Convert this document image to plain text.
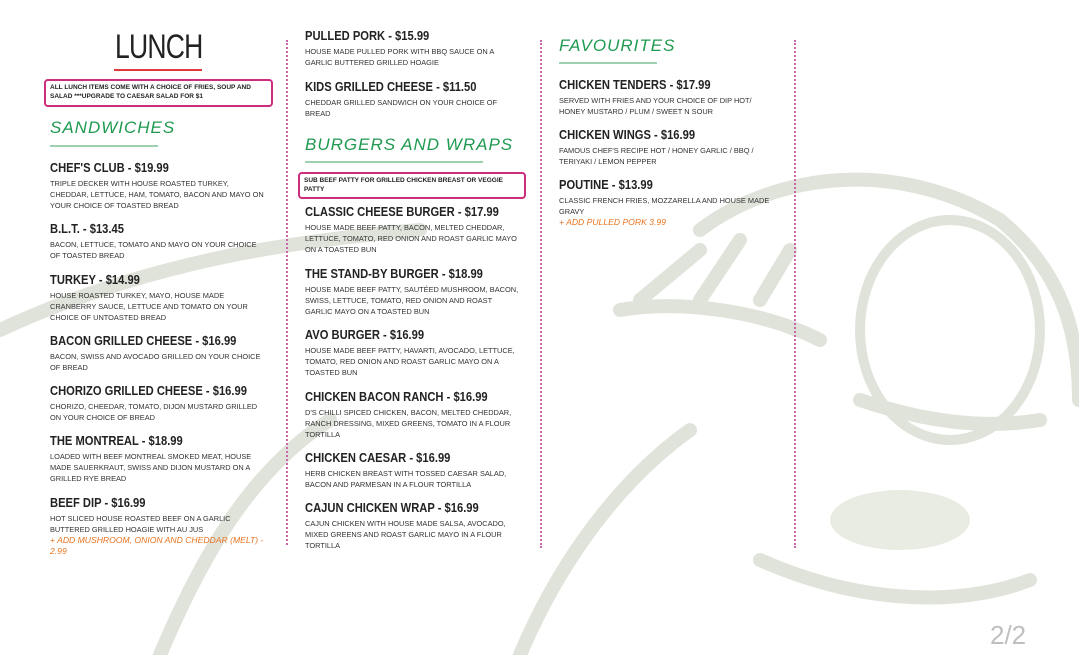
LUNCH
ALL LUNCH ITEMS COME WITH A CHOICE OF FRIES, SOUP AND SALAD ***UPGRADE TO CAESAR SALAD FOR $1
SANDWICHES
CHEF'S CLUB - $19.99
TRIPLE DECKER WITH HOUSE ROASTED TURKEY, CHEDDAR, LETTUCE, HAM, TOMATO, BACON AND MAYO ON YOUR CHOICE OF TOASTED BREAD
B.L.T. - $13.45
BACON, LETTUCE, TOMATO AND MAYO ON YOUR CHOICE OF TOASTED BREAD
TURKEY - $14.99
HOUSE ROASTED TURKEY, MAYO, HOUSE MADE CRANBERRY SAUCE, LETTUCE AND TOMATO ON YOUR CHOICE OF UNTOASTED BREAD
BACON GRILLED CHEESE - $16.99
BACON, SWISS AND AVOCADO GRILLED ON YOUR CHOICE OF BREAD
CHORIZO GRILLED CHEESE - $16.99
CHORIZO, CHEEDAR, TOMATO, DIJON MUSTARD GRILLED ON YOUR CHOICE OF BREAD
THE MONTREAL - $18.99
LOADED WITH BEEF MONTREAL SMOKED MEAT, HOUSE MADE SAUERKRAUT, SWISS AND DIJON MUSTARD ON A GRILLED RYE BREAD
BEEF DIP - $16.99
HOT SLICED HOUSE ROASTED BEEF ON A GARLIC BUTTERED GRILLED HOAGIE WITH AU JUS
+ ADD MUSHROOM, ONION AND CHEDDAR (MELT) - 2.99
PULLED PORK - $15.99
HOUSE MADE PULLED PORK WITH BBQ SAUCE ON A GARLIC BUTTERED GRILLED HOAGIE
KIDS GRILLED CHEESE - $11.50
CHEDDAR GRILLED SANDWICH ON YOUR CHOICE OF BREAD
BURGERS AND WRAPS
SUB BEEF PATTY FOR GRILLED CHICKEN BREAST OR VEGGIE PATTY
CLASSIC CHEESE BURGER - $17.99
HOUSE MADE BEEF PATTY, BACON, MELTED CHEDDAR, LETTUCE, TOMATO, RED ONION AND ROAST GARLIC MAYO ON A TOASTED BUN
THE STAND-BY BURGER - $18.99
HOUSE MADE BEEF PATTY, SAUTÉED MUSHROOM, BACON, SWISS, LETTUCE, TOMATO, RED ONION AND ROAST GARLIC MAYO ON A TOASTED BUN
AVO BURGER - $16.99
HOUSE MADE BEEF PATTY, HAVARTI, AVOCADO, LETTUCE, TOMATO, RED ONION AND ROAST GARLIC MAYO ON A TOASTED BUN
CHICKEN BACON RANCH - $16.99
D'S CHILLI SPICED CHICKEN, BACON, MELTED CHEDDAR, RANCH DRESSING, MIXED GREENS, TOMATO IN A FLOUR TORTILLA
CHICKEN CAESAR - $16.99
HERB CHICKEN BREAST WITH TOSSED CAESAR SALAD, BACON AND PARMESAN IN A FLOUR TORTILLA
CAJUN CHICKEN WRAP - $16.99
CAJUN CHICKEN WITH HOUSE MADE SALSA, AVOCADO, MIXED GREENS AND ROAST GARLIC MAYO IN A FLOUR TORTILLA
FAVOURITES
CHICKEN TENDERS - $17.99
SERVED WITH FRIES AND YOUR CHOICE OF DIP HOT/ HONEY MUSTARD / PLUM / SWEET N SOUR
CHICKEN WINGS - $16.99
FAMOUS CHEF'S RECIPE HOT / HONEY GARLIC / BBQ / TERIYAKI / LEMON PEPPER
POUTINE - $13.99
CLASSIC FRENCH FRIES, MOZZARELLA AND HOUSE MADE GRAVY
+ ADD PULLED PORK 3.99
2/2
